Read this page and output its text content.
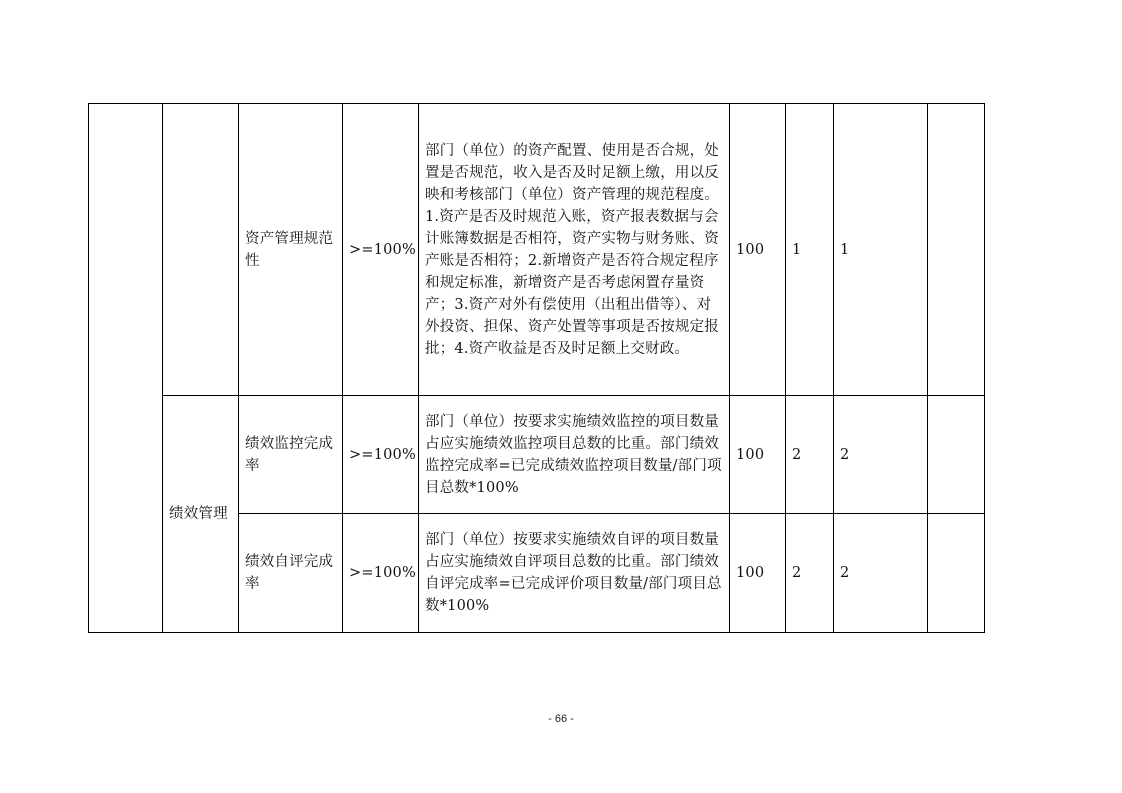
		资产管理规范性	>=100%	部门（单位）的资产配置、使用是否合规，处置是否规范，收入是否及时足额上缴，用以反映和考核部门（单位）资产管理的规范程度。1.资产是否及时规范入账，资产报表数据与会计账簿数据是否相符，资产实物与财务账、资产账是否相符；2.新增资产是否符合规定程序和规定标准，新增资产是否考虑闲置存量资产；3.资产对外有偿使用（出租出借等）、对外投资、担保、资产处置等事项是否按规定报批；4.资产收益是否及时足额上交财政。	100	1	1	
	绩效管理	绩效监控完成率	>=100%	部门（单位）按要求实施绩效监控的项目数量占应实施绩效监控项目总数的比重。部门绩效监控完成率=已完成绩效监控项目数量/部门项目总数*100%	100	2	2	
		绩效自评完成率	>=100%	部门（单位）按要求实施绩效自评的项目数量占应实施绩效自评项目总数的比重。部门绩效自评完成率=已完成评价项目数量/部门项目总数*100%	100	2	2	
- 66 -
